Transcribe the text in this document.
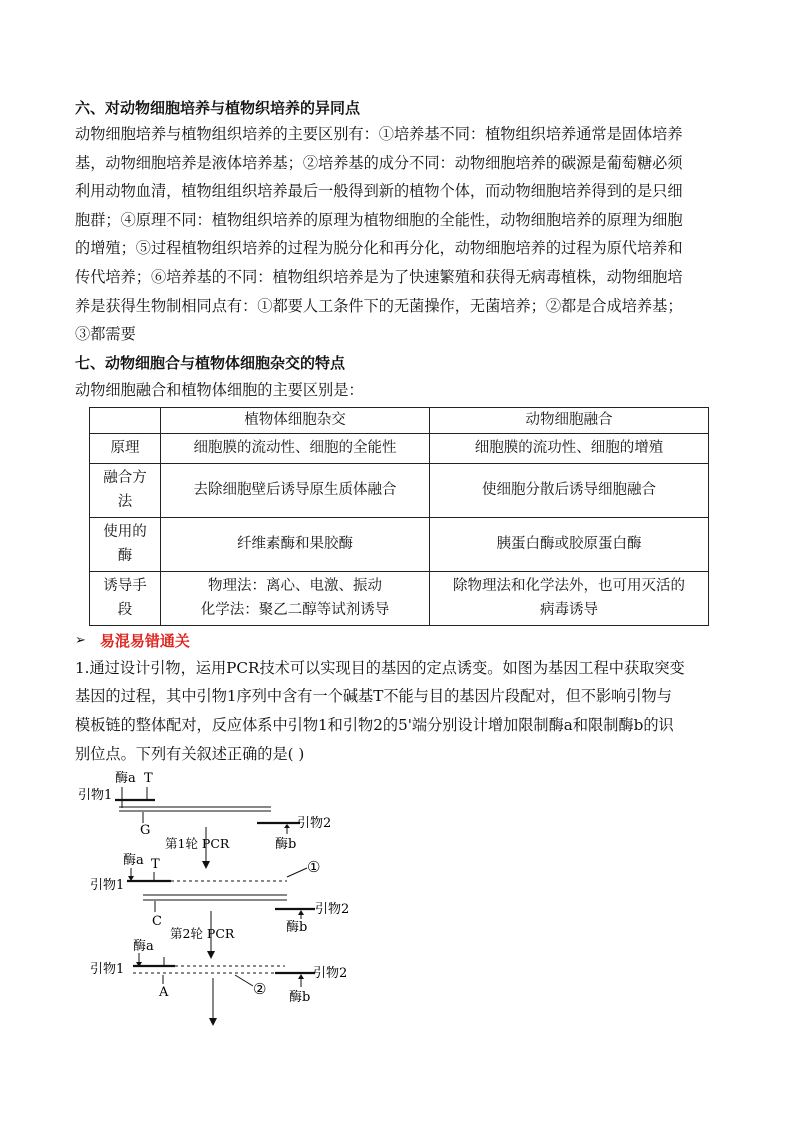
六、对动物细胞培养与植物织培养的异同点

动物细胞培养与植物组织培养的主要区别有：①培养基不同：植物组织培养通常是固体培养

基，动物细胞培养是液体培养基；②培养基的成分不同：动物细胞培养的碳源是葡萄糖必须

利用动物血清，植物组组织培养最后一般得到新的植物个体，而动物细胞培养得到的是只细

胞群；④原理不同：植物组织培养的原理为植物细胞的全能性，动物细胞培养的原理为细胞

的增殖；⑤过程植物组织培养的过程为脱分化和再分化，动物细胞培养的过程为原代培养和

传代培养；⑥培养基的不同：植物组织培养是为了快速繁殖和获得无病毒植株，动物细胞培

养是获得生物制相同点有：①都要人工条件下的无菌操作，无菌培养；②都是合成培养基；

③都需要

七、动物细胞合与植物体细胞杂交的特点

动物细胞融合和植物体细胞的主要区别是：

	植物体细胞杂交	动物细胞融合
原理	细胞膜的流动性、细胞的全能性	细胞膜的流功性、细胞的增殖
融合方
法	去除细胞壁后诱导原生质体融合	使细胞分散后诱导细胞融合
使用的
酶	纤维素酶和果胶酶	胰蛋白酶或胶原蛋白酶
诱导手
段	物理法：离心、电激、振动
化学法：聚乙二醇等试剂诱导	除物理法和化学法外，也可用灭活的
病毒诱导
➢ 易混易错通关

1.通过设计引物，运用PCR技术可以实现目的基因的定点诱变。如图为基因工程中获取突变

基因的过程，其中引物1序列中含有一个碱基T不能与目的基因片段配对，但不影响引物与

模板链的整体配对，反应体系中引物1和引物2的5'端分别设计增加限制酶a和限制酶b的识

别位点。下列有关叙述正确的是( )

酶a T
引物1
G	引物2
酶b
第1轮 PCR
酶a T
引物1
①
C
引物2
酶b
第2轮 PCR
酶a
引物1	引物2
酶b
A	②
